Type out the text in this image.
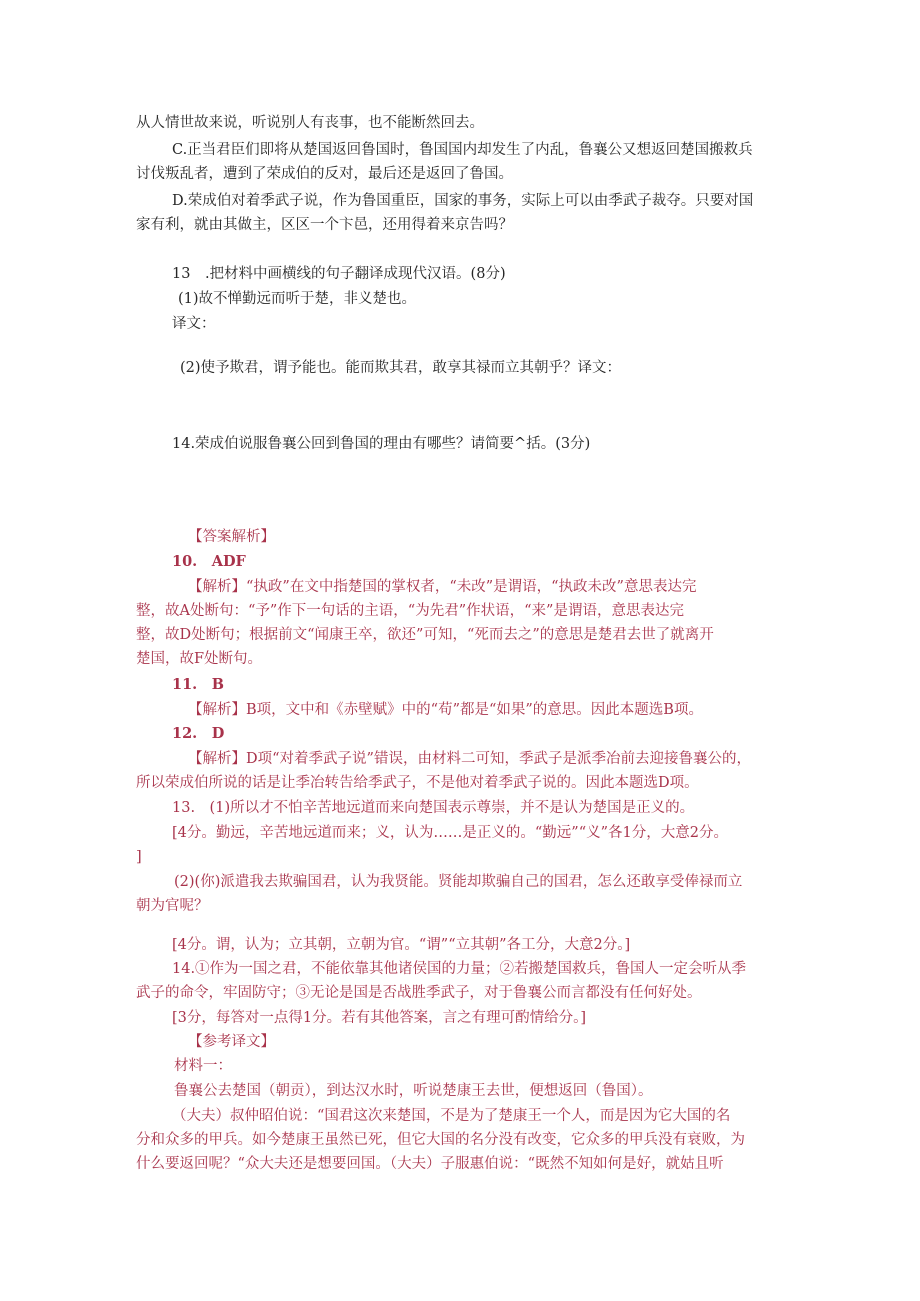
从人情世故来说，听说别人有丧事，也不能断然回去。
C.正当君臣们即将从楚国返回鲁国时，鲁国国内却发生了内乱，鲁襄公又想返回楚国搬救兵
讨伐叛乱者，遭到了荣成伯的反对，最后还是返回了鲁国。
D.荣成伯对着季武子说，作为鲁国重臣，国家的事务，实际上可以由季武子裁夺。只要对国
家有利，就由其做主，区区一个卞邑，还用得着来京告吗？
13　.把材料中画横线的句子翻译成现代汉语。(8分)
(1)故不惮勤远而听于楚，非义楚也。
译文：
(2)使予欺君，谓予能也。能而欺其君，敢享其禄而立其朝乎？译文：
14.荣成伯说服鲁襄公回到鲁国的理由有哪些？请简要^括。(3分)
【答案解析】
10.　ADF
【解析】“执政”在文中指楚国的掌权者，“未改”是谓语，“执政未改”意思表达完
整，故A处断句：“予”作下一句话的主语，“为先君”作状语，“来”是谓语，意思表达完
整，故D处断句；根据前文“闻康王卒，欲还”可知，“死而去之”的意思是楚君去世了就离开
楚国，故F处断句。
11.　B
【解析】B项，文中和《赤壁赋》中的“苟”都是“如果”的意思。因此本题选B项。
12.　D
【解析】D项“对着季武子说”错误，由材料二可知，季武子是派季冶前去迎接鲁襄公的，
所以荣成伯所说的话是让季冶转告给季武子，不是他对着季武子说的。因此本题选D项。
13.　(1)所以才不怕辛苦地远道而来向楚国表示尊崇，并不是认为楚国是正义的。
[4分。勤远，辛苦地远道而来；义，认为……是正义的。“勤远”“义”各1分，大意2分。
]
(2)(你)派遣我去欺骗国君，认为我贤能。贤能却欺骗自己的国君，怎么还敢享受俸禄而立
朝为官呢？
[4分。谓，认为；立其朝，立朝为官。“谓”“立其朝”各工分，大意2分。]
14.①作为一国之君，不能依靠其他诸侯国的力量；②若搬楚国救兵，鲁国人一定会听从季
武子的命令，牢固防守；③无论是国是否战胜季武子，对于鲁襄公而言都没有任何好处。
[3分，每答对一点得1分。若有其他答案，言之有理可酌情给分。]
【参考译文】
材料一：
鲁襄公去楚国（朝贡），到达汉水时，听说楚康王去世，便想返回（鲁国）。
（大夫）叔仲昭伯说：“国君这次来楚国，不是为了楚康王一个人，而是因为它大国的名
分和众多的甲兵。如今楚康王虽然已死，但它大国的名分没有改变，它众多的甲兵没有衰败，为
什么要返回呢？“众大夫还是想要回国。（大夫）子服惠伯说：“既然不知如何是好，就姑且听
